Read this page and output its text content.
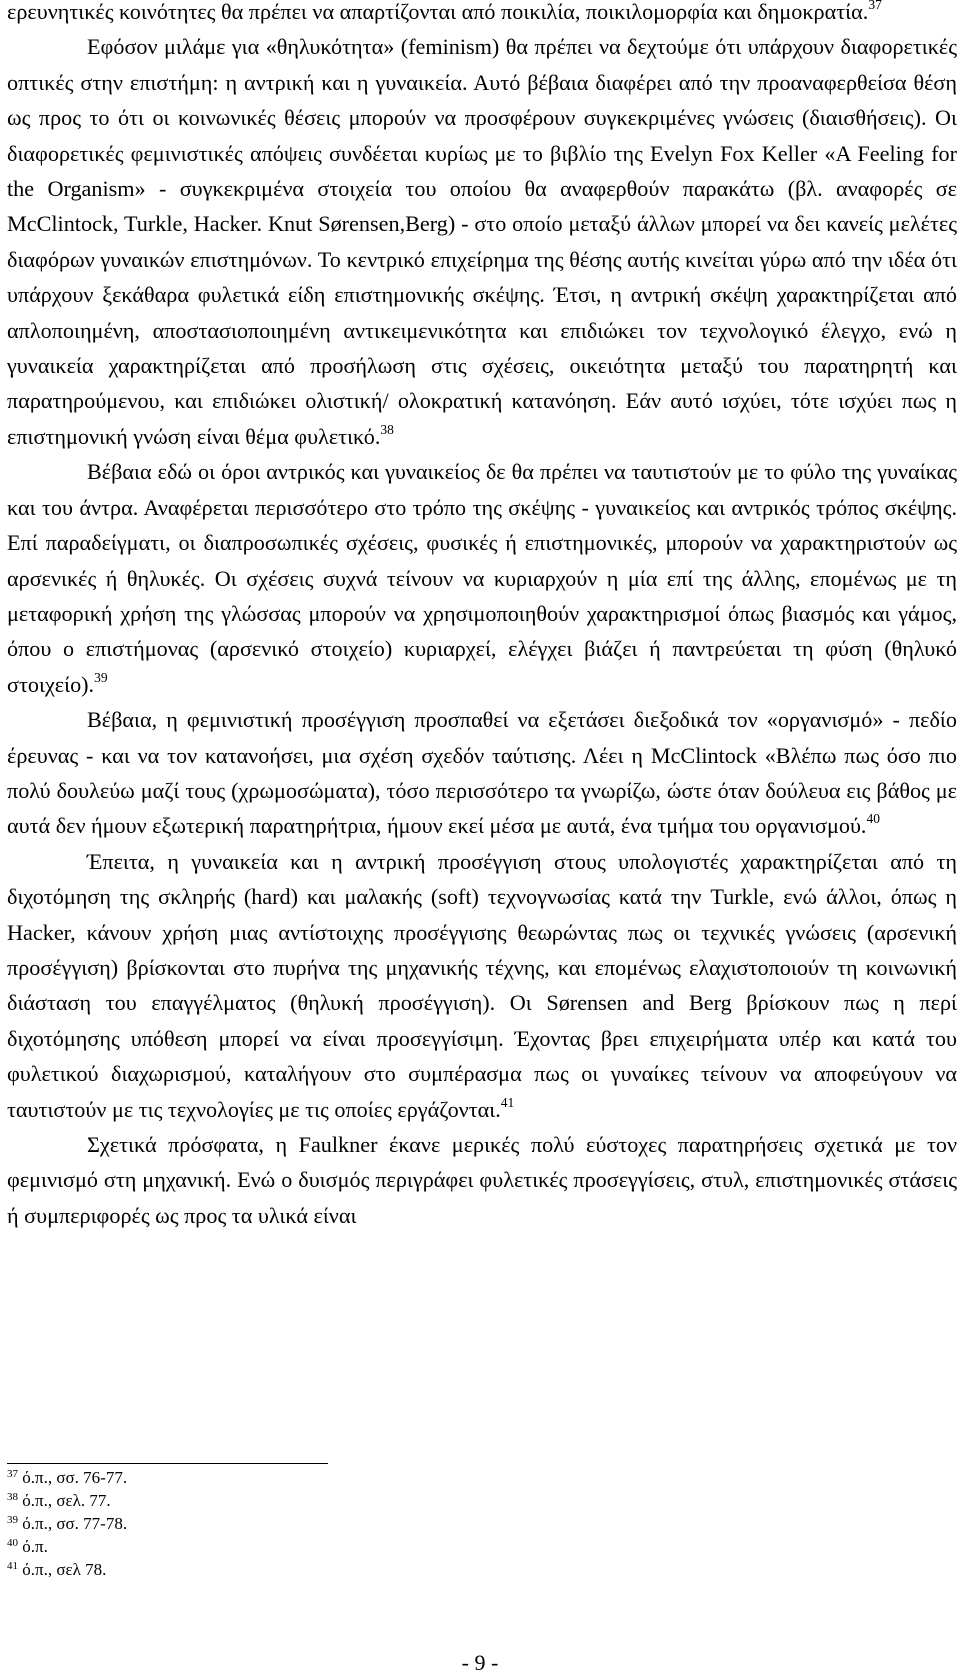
ερευνητικές κοινότητες θα πρέπει να απαρτίζονται από ποικιλία, ποικιλομορφία και δημοκρατία.$^{37}$

Εφόσον μιλάμε για «θηλυκότητα» (feminism) θα πρέπει να δεχτούμε ότι υπάρχουν διαφορετικές οπτικές στην επιστήμη: η αντρική και η γυναικεία. Αυτό βέβαια διαφέρει από την προαναφερθείσα θέση ως προς το ότι οι κοινωνικές θέσεις μπορούν να προσφέρουν συγκεκριμένες γνώσεις (διαισθήσεις). Οι διαφορετικές φεμινιστικές απόψεις συνδέεται κυρίως με το βιβλίο της Evelyn Fox Keller «A Feeling for the Organism» - συγκεκριμένα στοιχεία του οποίου θα αναφερθούν παρακάτω (βλ. αναφορές σε McClintock, Turkle, Hacker. Knut Sørensen,Berg) - στο οποίο μεταξύ άλλων μπορεί να δει κανείς μελέτες διαφόρων γυναικών επιστημόνων. Το κεντρικό επιχείρημα της θέσης αυτής κινείται γύρω από την ιδέα ότι υπάρχουν ξεκάθαρα φυλετικά είδη επιστημονικής σκέψης. Έτσι, η αντρική σκέψη χαρακτηρίζεται από απλοποιημένη, αποστασιοποιημένη αντικειμενικότητα και επιδιώκει τον τεχνολογικό έλεγχο, ενώ η γυναικεία χαρακτηρίζεται από προσήλωση στις σχέσεις, οικειότητα μεταξύ του παρατηρητή και παρατηρούμενου, και επιδιώκει ολιστική/ ολοκρατική κατανόηση. Εάν αυτό ισχύει, τότε ισχύει πως η επιστημονική γνώση είναι θέμα φυλετικό.$^{38}$

Βέβαια εδώ οι όροι αντρικός και γυναικείος δε θα πρέπει να ταυτιστούν με το φύλο της γυναίκας και του άντρα. Αναφέρεται περισσότερο στο τρόπο της σκέψης - γυναικείος και αντρικός τρόπος σκέψης. Επί παραδείγματι, οι διαπροσωπικές σχέσεις, φυσικές ή επιστημονικές, μπορούν να χαρακτηριστούν ως αρσενικές ή θηλυκές. Οι σχέσεις συχνά τείνουν να κυριαρχούν η μία επί της άλλης, επομένως με τη μεταφορική χρήση της γλώσσας μπορούν να χρησιμοποιηθούν χαρακτηρισμοί όπως βιασμός και γάμος, όπου ο επιστήμονας (αρσενικό στοιχείο) κυριαρχεί, ελέγχει βιάζει ή παντρεύεται τη φύση (θηλυκό στοιχείο).$^{39}$

Βέβαια, η φεμινιστική προσέγγιση προσπαθεί να εξετάσει διεξοδικά τον «οργανισμό» - πεδίο έρευνας - και να τον κατανοήσει, μια σχέση σχεδόν ταύτισης. Λέει η McClintock «Βλέπω πως όσο πιο πολύ δουλεύω μαζί τους (χρωμοσώματα), τόσο περισσότερο τα γνωρίζω, ώστε όταν δούλευα εις βάθος με αυτά δεν ήμουν εξωτερική παρατηρήτρια, ήμουν εκεί μέσα με αυτά, ένα τμήμα του οργανισμού.$^{40}$

Έπειτα, η γυναικεία και η αντρική προσέγγιση στους υπολογιστές χαρακτηρίζεται από τη διχοτόμηση της σκληρής (hard) και μαλακής (soft) τεχνογνωσίας κατά την Turkle, ενώ άλλοι, όπως η Hacker, κάνουν χρήση μιας αντίστοιχης προσέγγισης θεωρώντας πως οι τεχνικές γνώσεις (αρσενική προσέγγιση) βρίσκονται στο πυρήνα της μηχανικής τέχνης, και επομένως ελαχιστοποιούν τη κοινωνική διάσταση του επαγγέλματος (θηλυκή προσέγγιση). Οι Sørensen and Berg βρίσκουν πως η περί διχοτόμησης υπόθεση μπορεί να είναι προσεγγίσιμη. Έχοντας βρει επιχειρήματα υπέρ και κατά του φυλετικού διαχωρισμού, καταλήγουν στο συμπέρασμα πως οι γυναίκες τείνουν να αποφεύγουν να ταυτιστούν με τις τεχνολογίες με τις οποίες εργάζονται.$^{41}$

Σχετικά πρόσφατα, η Faulkner έκανε μερικές πολύ εύστοχες παρατηρήσεις σχετικά με τον φεμινισμό στη μηχανική. Ενώ ο δυισμός περιγράφει φυλετικές προσεγγίσεις, στυλ, επιστημονικές στάσεις ή συμπεριφορές ως προς τα υλικά είναι

$^{37}$ ό.π., σσ. 76-77.
$^{38}$ ό.π., σελ. 77.
$^{39}$ ό.π., σσ. 77-78.
$^{40}$ ό.π.
$^{41}$ ό.π., σελ 78.
- 9 -
